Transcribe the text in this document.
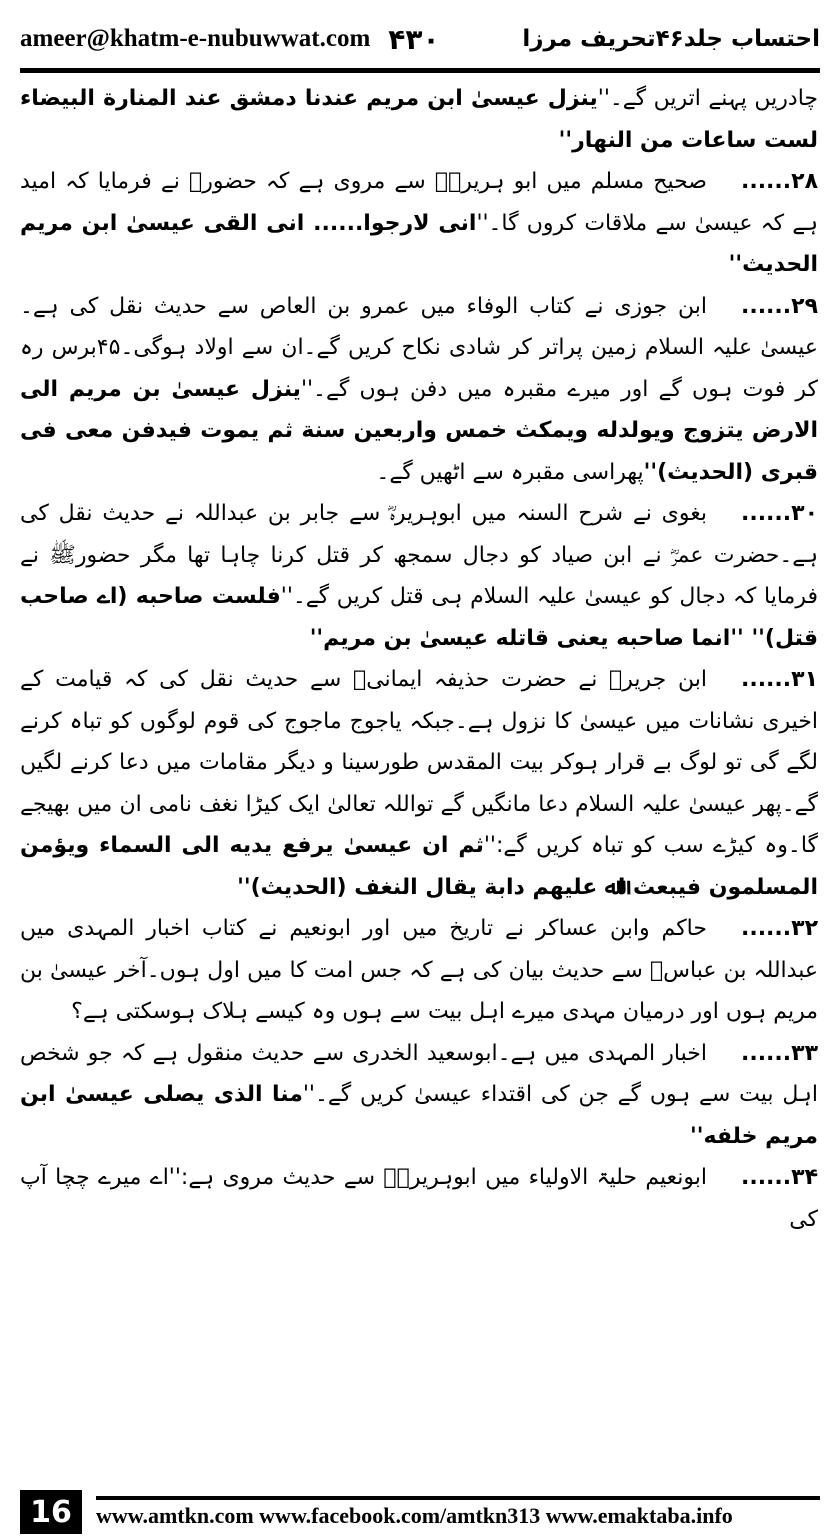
ameer@khatm-e-nubuwwat.com ۴۳۰	احتساب جلد۴۶تحریف مرزا

چادریں پہنے اتریں گے۔''ینزل عیسیٰ ابن مریم عندنا دمشق عند المنارة البیضاء لست ساعات من النهار''

۲۸......صحیح مسلم میں ابو ہریرہؓ سے مروی ہے کہ حضورؐ نے فرمایا کہ امید ہے کہ عیسیٰ سے ملاقات کروں گا۔''انی لارجوا...... انی القی عیسیٰ ابن مریم الحدیث''

۲۹......ابن جوزی نے کتاب الوفاء میں عمرو بن العاص سے حدیث نقل کی ہے۔عیسیٰ علیہ السلام زمین پراتر کر شادی نکاح کریں گے۔ان سے اولاد ہوگی۔۴۵برس رہ کر فوت ہوں گے اور میرے مقبرہ میں دفن ہوں گے۔''ینزل عیسیٰ بن مریم الی الارض یتزوج ویولدله ویمکث خمس واربعین سنة ثم یموت فیدفن معی فی قبری (الحدیث)''پھراسی مقبرہ سے اٹھیں گے۔

۳۰......بغوی نے شرح السنہ میں ابوہریرہؓ سے جابر بن عبداللہ نے حدیث نقل کی ہے۔حضرت عمرؓ نے ابن صیاد کو دجال سمجھ کر قتل کرنا چاہا تھا مگر حضورﷺ نے فرمایا کہ دجال کو عیسیٰ علیہ السلام ہی قتل کریں گے۔''فلست صاحبه (اے صاحب قتل)'' ''انما صاحبه یعنی قاتله عیسیٰ بن مریم''

۳۱......ابن جریرؒ نے حضرت حذیفہ ایمانیؓ سے حدیث نقل کی کہ قیامت کے اخیری نشانات میں عیسیٰ کا نزول ہے۔جبکہ یاجوج ماجوج کی قوم لوگوں کو تباہ کرنے لگے گی تو لوگ بے قرار ہوکر بیت المقدس طورسینا و دیگر مقامات میں دعا کرنے لگیں گے۔پھر عیسیٰ علیہ السلام دعا مانگیں گے تواللہ تعالیٰ ایک کیڑا نغف نامی ان میں بھیجے گا۔وہ کیڑے سب کو تباہ کریں گے:''ثم ان عیسیٰ یرفع یدیه الی السماء ویؤمن المسلمون فیبعث اﷲ علیهم دابة یقال النغف (الحدیث)''

۳۲......حاکم وابن عساکر نے تاریخ میں اور ابونعیم نے کتاب اخبار المہدی میں عبداللہ بن عباسؓ سے حدیث بیان کی ہے کہ جس امت کا میں اول ہوں۔آخر عیسیٰ بن مریم ہوں اور درمیان مہدی میرے اہل بیت سے ہوں وہ کیسے ہلاک ہوسکتی ہے؟

۳۳......اخبار المہدی میں ہے۔ابوسعید الخدری سے حدیث منقول ہے کہ جو شخص اہل بیت سے ہوں گے جن کی اقتداء عیسیٰ کریں گے۔''منا الذی یصلی عیسیٰ ابن مریم خلفه''

۳۴......ابونعیم حلیۃ الاولیاء میں ابوہریرہؓ سے حدیث مروی ہے:''اے میرے چچا آپ کی

16	www.amtkn.com www.facebook.com/amtkn313 www.emaktaba.info
